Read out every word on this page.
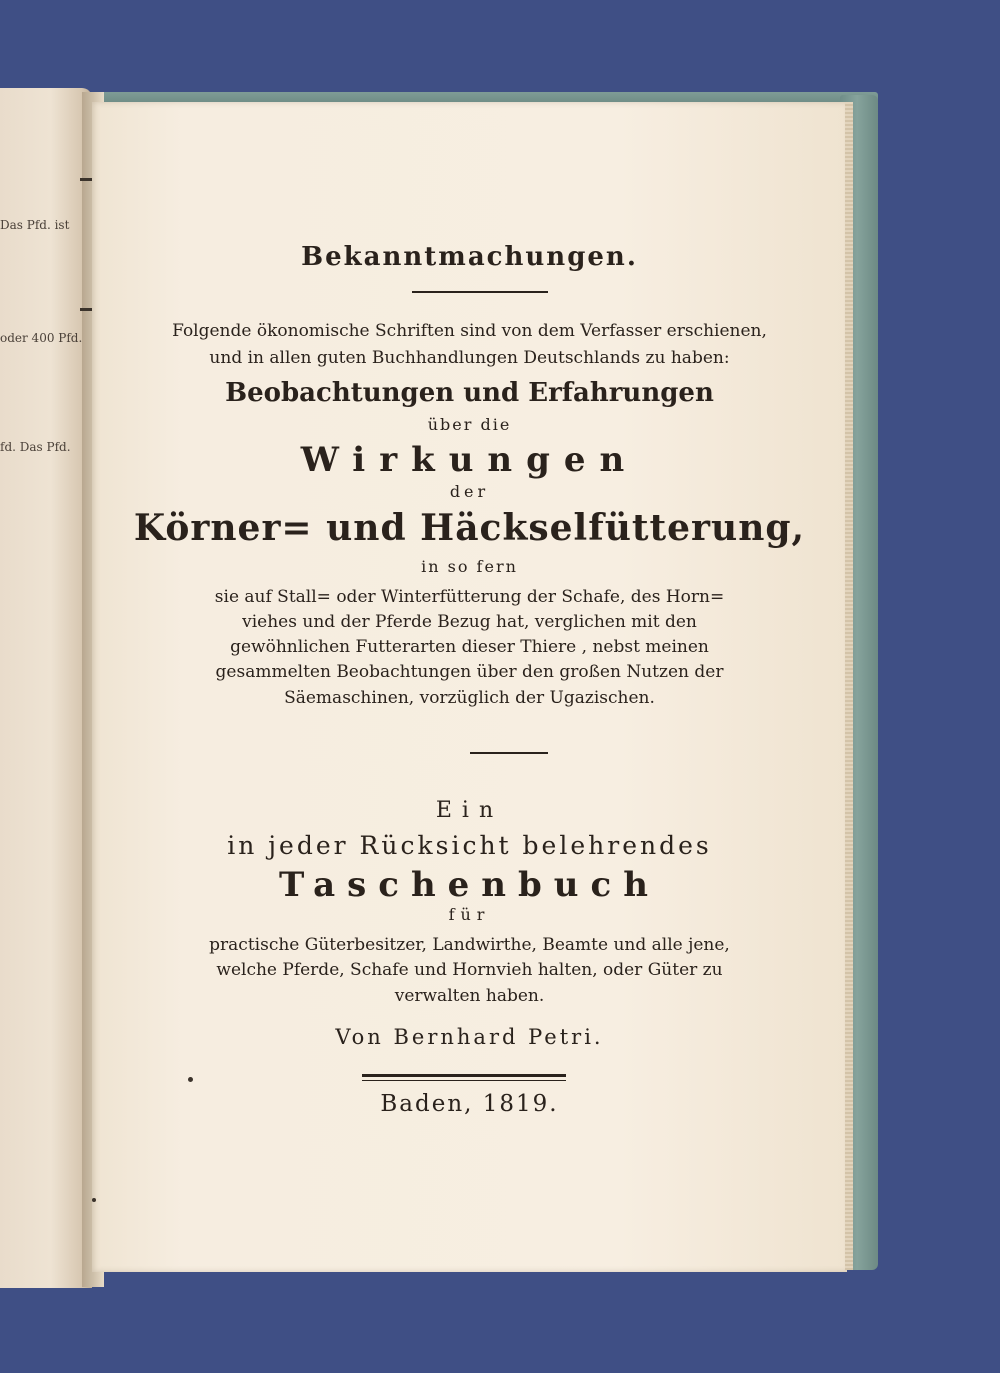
Das Pfd. ist
oder 400 Pfd.
fd. Das Pfd.
Bekanntmachungen.
Folgende ökonomische Schriften sind von dem Verfasser erschienen,
und in allen guten Buchhandlungen Deutschlands zu haben:
Beobachtungen und Erfahrungen
über die
Wirkungen
der
Körner= und Häckselfütterung,
in so fern
sie auf Stall= oder Winterfütterung der Schafe, des Horn=
viehes und der Pferde Bezug hat, verglichen mit den
gewöhnlichen Futterarten dieser Thiere , nebst meinen
gesammelten Beobachtungen über den großen Nutzen der
Säemaschinen, vorzüglich der Ugazischen.
Ein
in jeder Rücksicht belehrendes
Taschenbuch
für
practische Güterbesitzer, Landwirthe, Beamte und alle jene,
welche Pferde, Schafe und Hornvieh halten, oder Güter zu
verwalten haben.
Von Bernhard Petri.
Baden, 1819.
